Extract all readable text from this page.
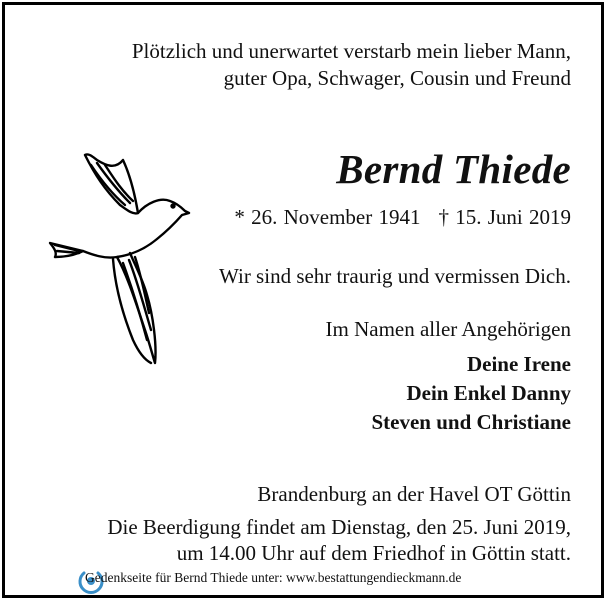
Plötzlich und unerwartet verstarb mein lieber Mann,
guter Opa, Schwager, Cousin und Freund
Bernd Thiede
* 26. November 1941 † 15. Juni 2019
Wir sind sehr traurig und vermissen Dich.
Im Namen aller Angehörigen
Deine Irene
Dein Enkel Danny
Steven und Christiane
Brandenburg an der Havel OT Göttin
Die Beerdigung findet am Dienstag, den 25. Juni 2019,
um 14.00 Uhr auf dem Friedhof in Göttin statt.
Gedenkseite für Bernd Thiede unter: www.bestattungendieckmann.de
